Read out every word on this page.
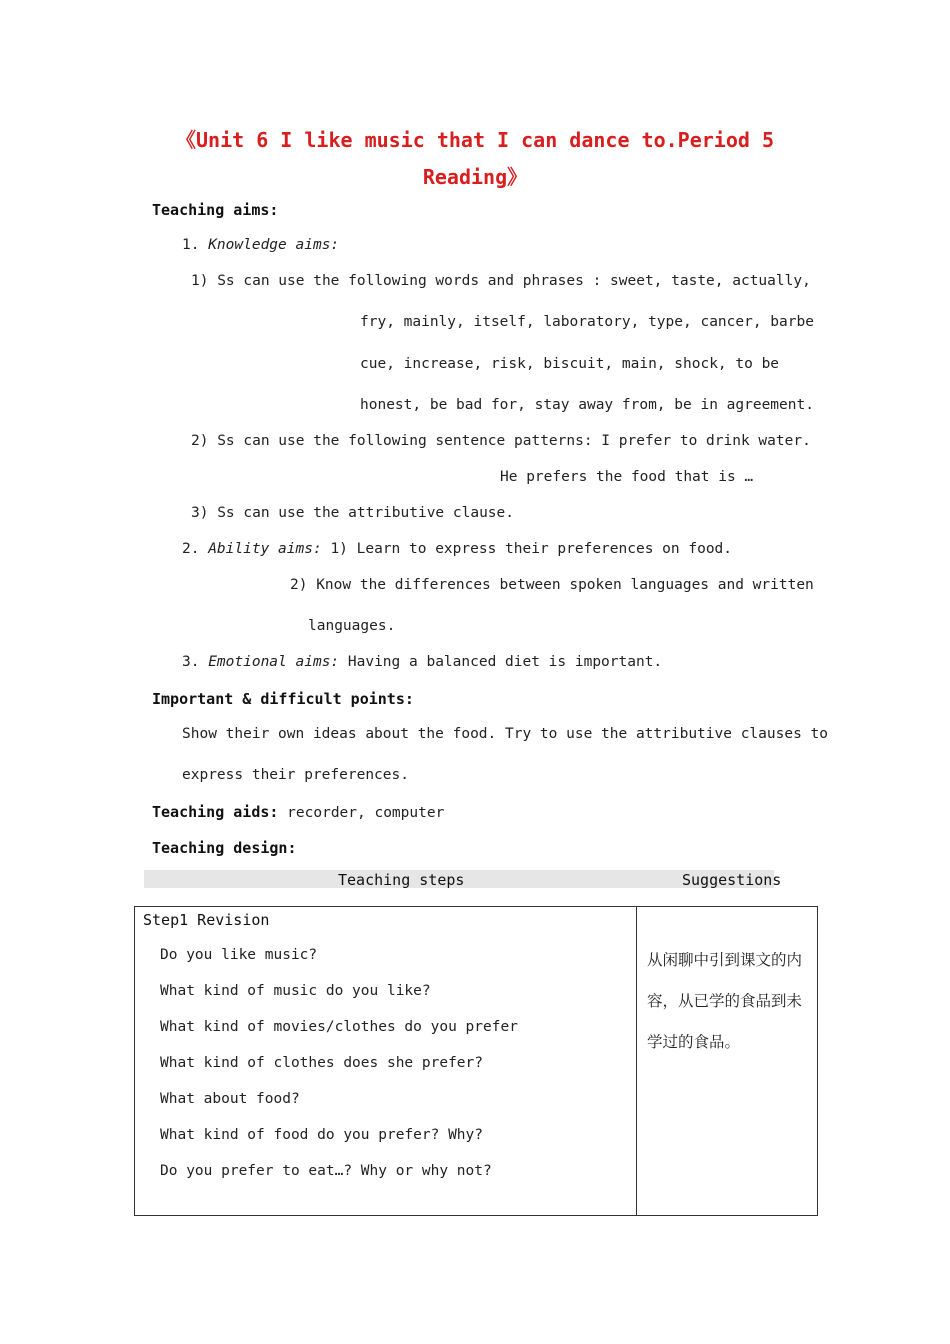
《Unit 6 I like music that I can dance to.Period 5
Reading》
Teaching aims:
1. Knowledge aims:
1) Ss can use the following words and phrases : sweet, taste, actually,
fry, mainly, itself, laboratory, type, cancer, barbe
cue, increase, risk, biscuit, main, shock, to be
honest, be bad for, stay away from, be in agreement.
2) Ss can use the following sentence patterns: I prefer to drink water.
He prefers the food that is …
3) Ss can use the attributive clause.
2. Ability aims: 1) Learn to express their preferences on food.
2) Know the differences between spoken languages and written
languages.
3. Emotional aims: Having a balanced diet is important.
Important & difficult points:
Show their own ideas about the food. Try to use the attributive clauses to
express their preferences.
Teaching aids: recorder, computer
Teaching design:
Teaching steps	Suggestions
Step1 Revision
Do you like music?
What kind of music do you like?
What kind of movies/clothes do you prefer
What kind of clothes does she prefer?
What about food?
What kind of food do you prefer? Why?
Do you prefer to eat…? Why or why not?
从闲聊中引到课文的内容，从已学的食品到未学过的食品。
